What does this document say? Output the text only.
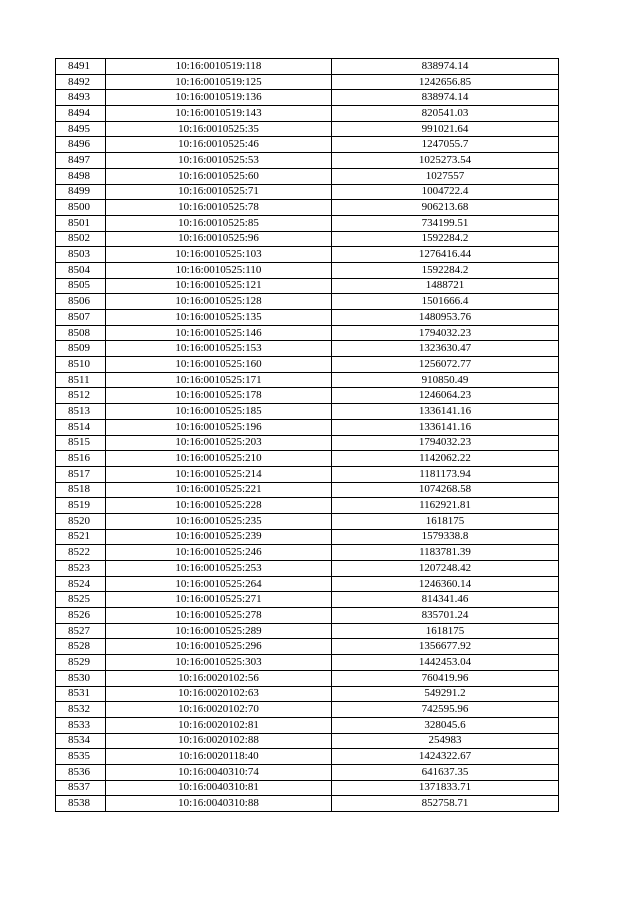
8491	10:16:0010519:118	838974.14
8492	10:16:0010519:125	1242656.85
8493	10:16:0010519:136	838974.14
8494	10:16:0010519:143	820541.03
8495	10:16:0010525:35	991021.64
8496	10:16:0010525:46	1247055.7
8497	10:16:0010525:53	1025273.54
8498	10:16:0010525:60	1027557
8499	10:16:0010525:71	1004722.4
8500	10:16:0010525:78	906213.68
8501	10:16:0010525:85	734199.51
8502	10:16:0010525:96	1592284.2
8503	10:16:0010525:103	1276416.44
8504	10:16:0010525:110	1592284.2
8505	10:16:0010525:121	1488721
8506	10:16:0010525:128	1501666.4
8507	10:16:0010525:135	1480953.76
8508	10:16:0010525:146	1794032.23
8509	10:16:0010525:153	1323630.47
8510	10:16:0010525:160	1256072.77
8511	10:16:0010525:171	910850.49
8512	10:16:0010525:178	1246064.23
8513	10:16:0010525:185	1336141.16
8514	10:16:0010525:196	1336141.16
8515	10:16:0010525:203	1794032.23
8516	10:16:0010525:210	1142062.22
8517	10:16:0010525:214	1181173.94
8518	10:16:0010525:221	1074268.58
8519	10:16:0010525:228	1162921.81
8520	10:16:0010525:235	1618175
8521	10:16:0010525:239	1579338.8
8522	10:16:0010525:246	1183781.39
8523	10:16:0010525:253	1207248.42
8524	10:16:0010525:264	1246360.14
8525	10:16:0010525:271	814341.46
8526	10:16:0010525:278	835701.24
8527	10:16:0010525:289	1618175
8528	10:16:0010525:296	1356677.92
8529	10:16:0010525:303	1442453.04
8530	10:16:0020102:56	760419.96
8531	10:16:0020102:63	549291.2
8532	10:16:0020102:70	742595.96
8533	10:16:0020102:81	328045.6
8534	10:16:0020102:88	254983
8535	10:16:0020118:40	1424322.67
8536	10:16:0040310:74	641637.35
8537	10:16:0040310:81	1371833.71
8538	10:16:0040310:88	852758.71
